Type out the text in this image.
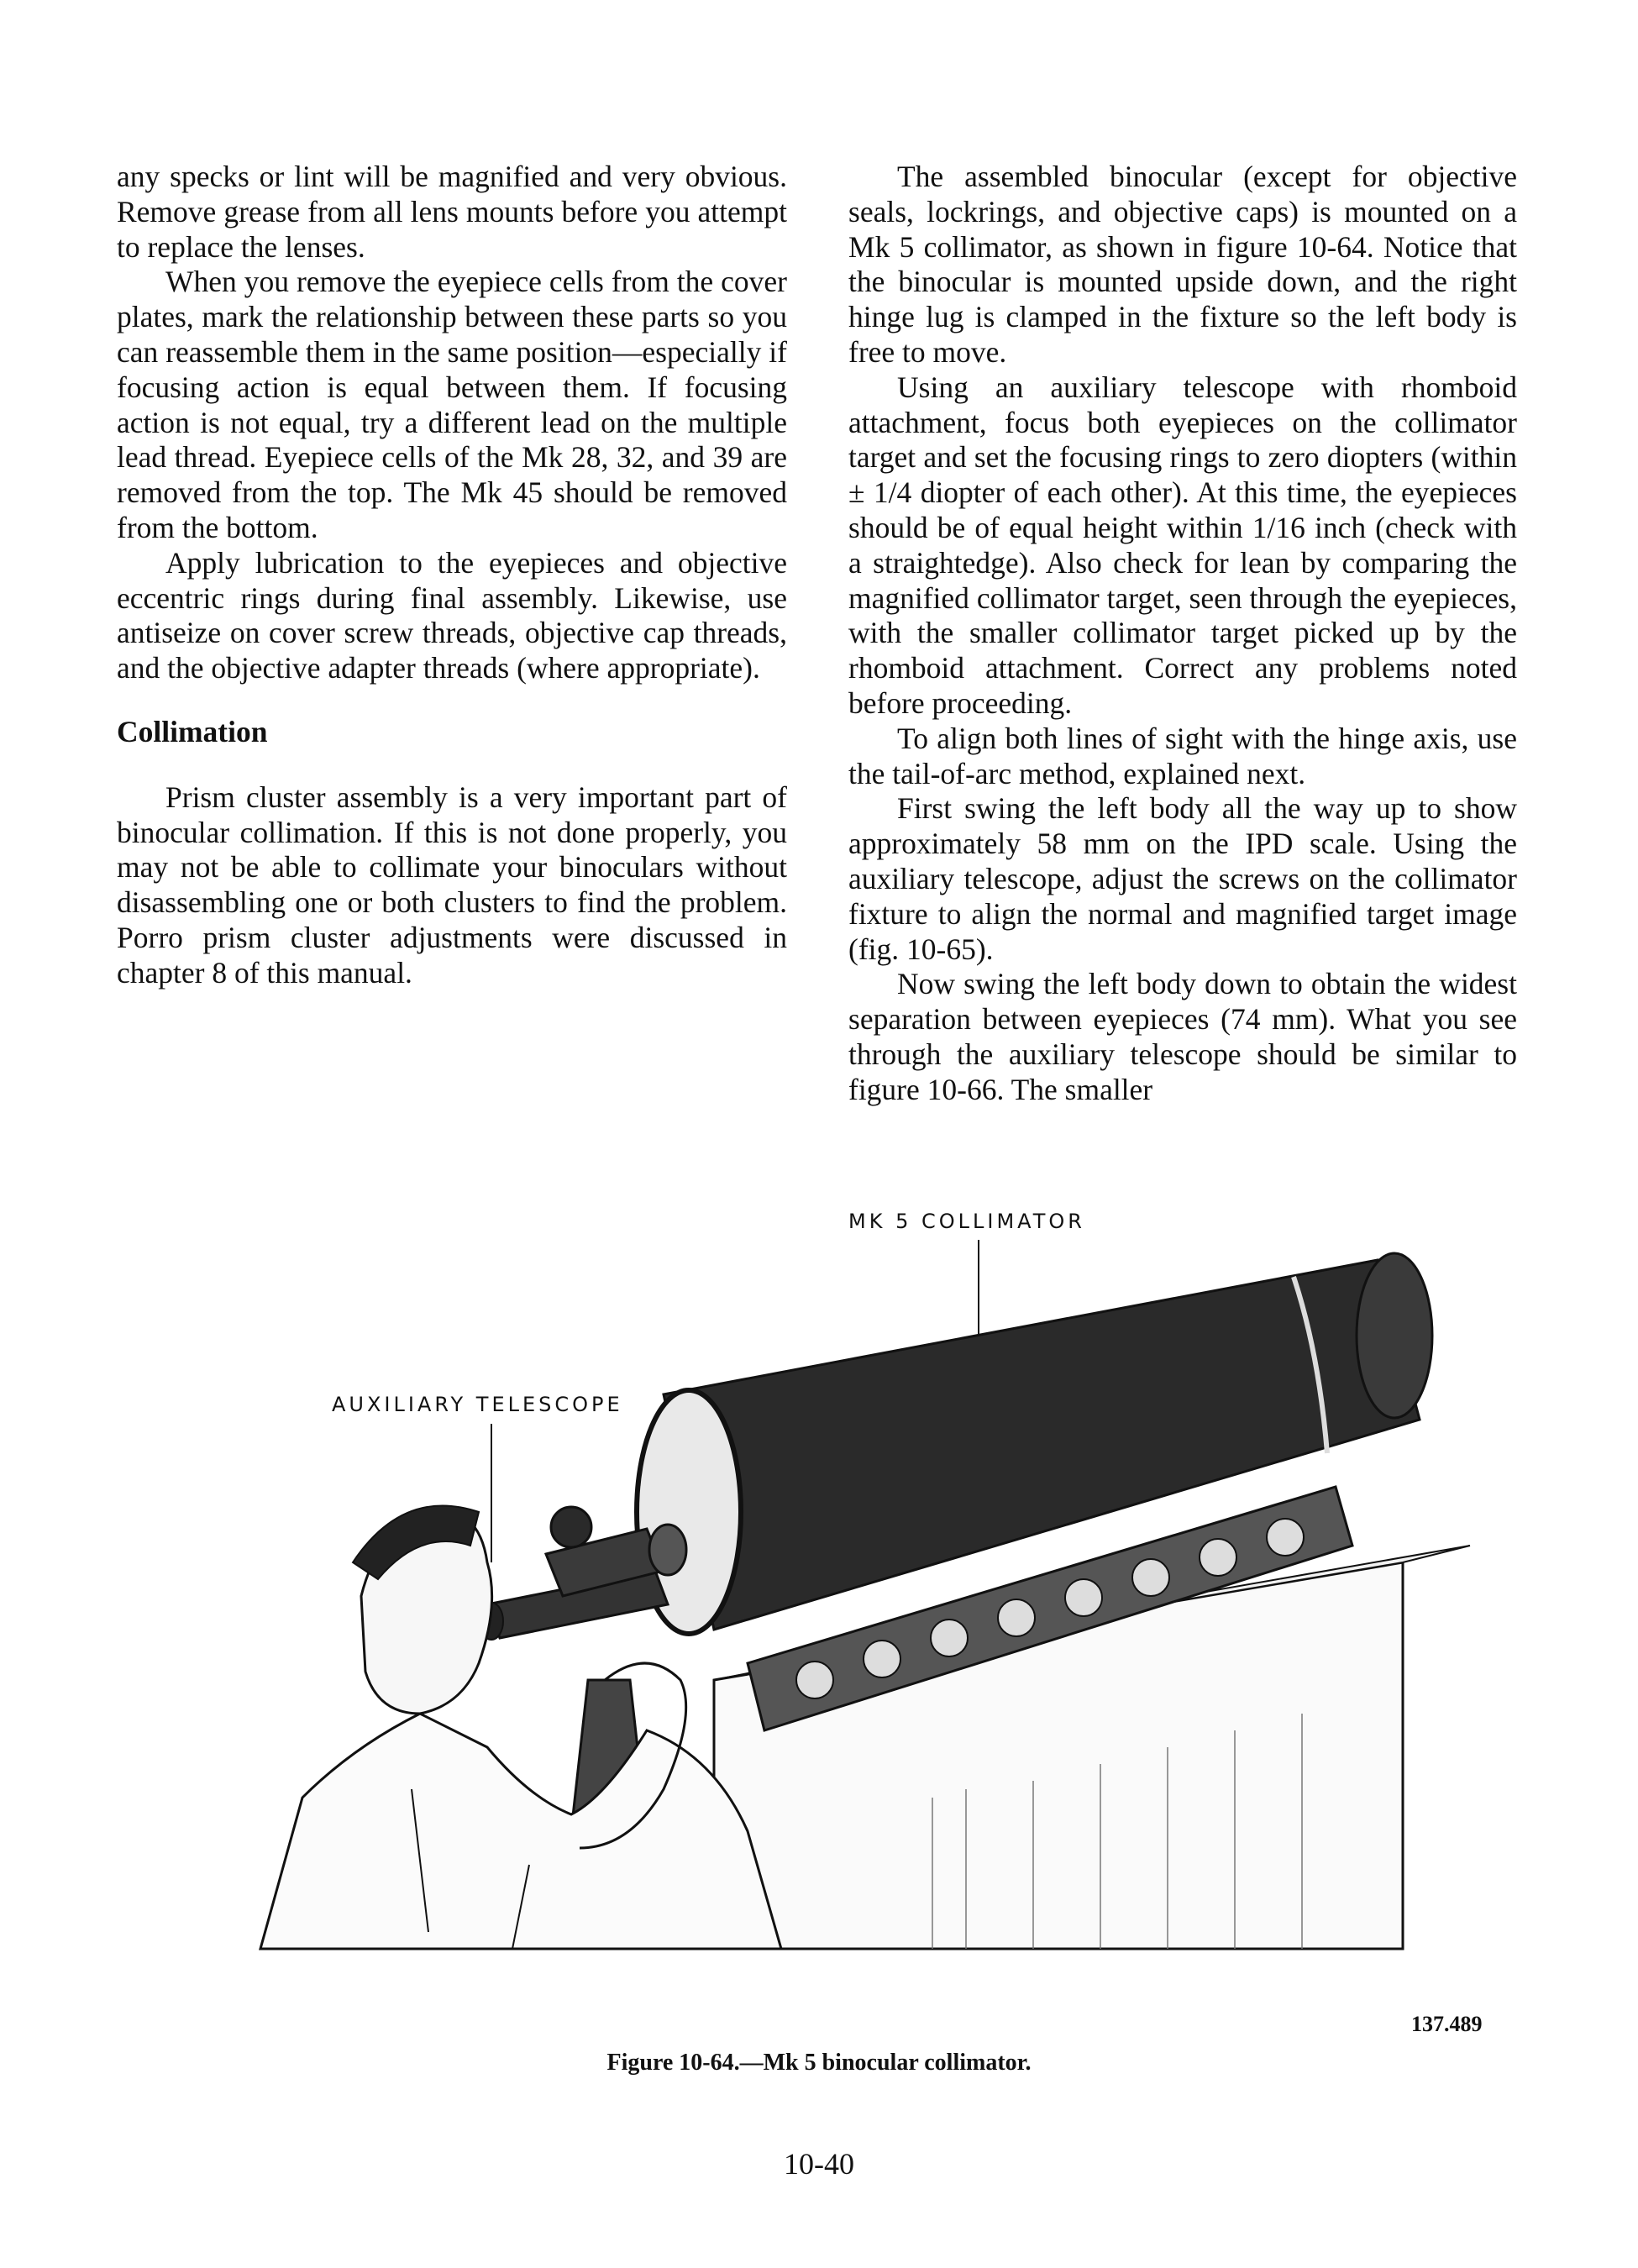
any specks or lint will be magnified and very obvious. Remove grease from all lens mounts before you attempt to replace the lenses.

When you remove the eyepiece cells from the cover plates, mark the relationship between these parts so you can reassemble them in the same position—especially if focusing action is equal between them. If focusing action is not equal, try a different lead on the multiple lead thread. Eyepiece cells of the Mk 28, 32, and 39 are removed from the top. The Mk 45 should be removed from the bottom.

Apply lubrication to the eyepieces and objective eccentric rings during final assembly. Likewise, use antiseize on cover screw threads, objective cap threads, and the objective adapter threads (where appropriate).

Collimation

Prism cluster assembly is a very important part of binocular collimation. If this is not done properly, you may not be able to collimate your binoculars without disassembling one or both clusters to find the problem. Porro prism cluster adjustments were discussed in chapter 8 of this manual.

The assembled binocular (except for objective seals, lockrings, and objective caps) is mounted on a Mk 5 collimator, as shown in figure 10-64. Notice that the binocular is mounted upside down, and the right hinge lug is clamped in the fixture so the left body is free to move.

Using an auxiliary telescope with rhomboid attachment, focus both eyepieces on the collimator target and set the focusing rings to zero diopters (within ± 1/4 diopter of each other). At this time, the eyepieces should be of equal height within 1/16 inch (check with a straightedge). Also check for lean by comparing the magnified collimator target, seen through the eyepieces, with the smaller collimator target picked up by the rhomboid attachment. Correct any problems noted before proceeding.

To align both lines of sight with the hinge axis, use the tail-of-arc method, explained next.

First swing the left body all the way up to show approximately 58 mm on the IPD scale. Using the auxiliary telescope, adjust the screws on the collimator fixture to align the normal and magnified target image (fig. 10-65).

Now swing the left body down to obtain the widest separation between eyepieces (74 mm). What you see through the auxiliary telescope should be similar to figure 10-66. The smaller

MK 5 COLLIMATOR
AUXILIARY TELESCOPE
137.489
Figure 10-64.—Mk 5 binocular collimator.
10-40
